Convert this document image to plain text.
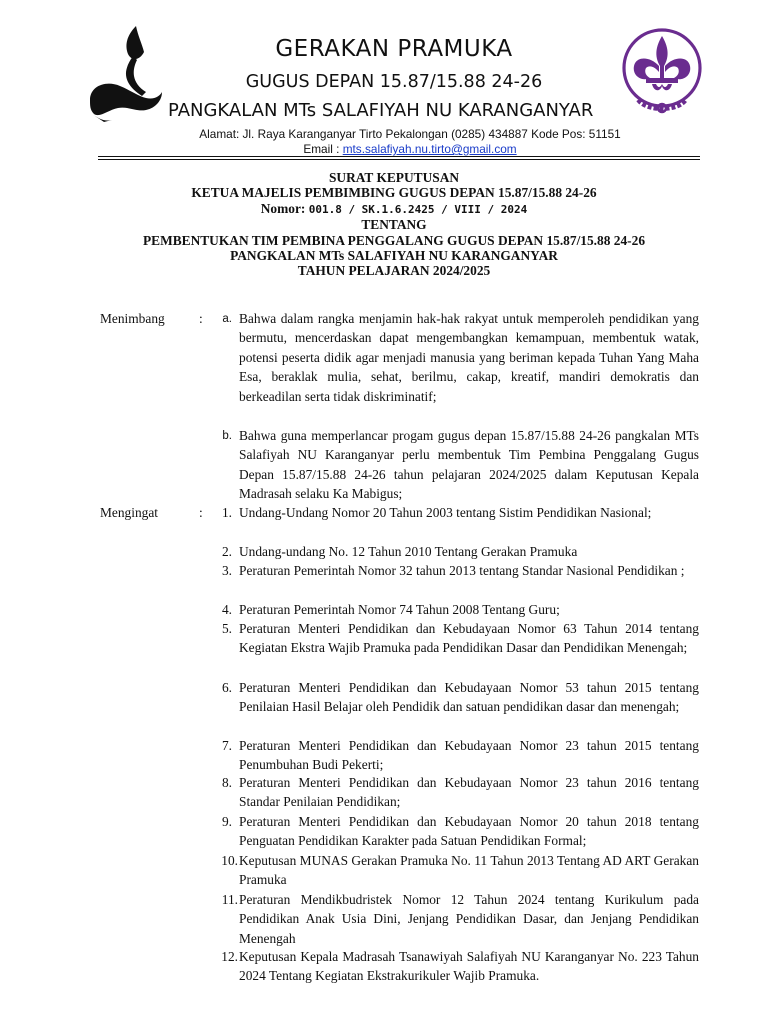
GERAKAN PRAMUKA
GUGUS DEPAN 15.87/15.88 24-26
PANGKALAN MTs SALAFIYAH NU KARANGANYAR
Alamat: Jl. Raya Karanganyar Tirto Pekalongan (0285) 434887 Kode Pos: 51151
Email : mts.salafiyah.nu.tirto@gmail.com
SURAT KEPUTUSAN
KETUA MAJELIS PEMBIMBING GUGUS DEPAN 15.87/15.88 24-26
Nomor: 001.8 / SK.1.6.2425 / VIII / 2024
TENTANG
PEMBENTUKAN TIM PEMBINA PENGGALANG GUGUS DEPAN 15.87/15.88 24-26
PANGKALAN MTs SALAFIYAH NU KARANGANYAR
TAHUN PELAJARAN 2024/2025
Menimbang	:	a. Bahwa dalam rangka menjamin hak-hak rakyat untuk memperoleh pendidikan yang bermutu, mencerdaskan dapat mengembangkan kemampuan, membentuk watak, potensi peserta didik agar menjadi manusia yang beriman kepada Tuhan Yang Maha Esa, beraklak mulia, sehat, berilmu, cakap, kreatif, mandiri demokratis dan berkeadilan serta tidak diskriminatif;
b. Bahwa guna memperlancar progam gugus depan 15.87/15.88 24-26 pangkalan MTs Salafiyah NU Karanganyar perlu membentuk Tim Pembina Penggalang Gugus Depan 15.87/15.88 24-26 tahun pelajaran 2024/2025 dalam Keputusan Kepala Madrasah selaku Ka Mabigus;
Mengingat	:	1. Undang-Undang Nomor 20 Tahun 2003 tentang Sistim Pendidikan Nasional;
2. Undang-undang No. 12 Tahun 2010 Tentang Gerakan Pramuka
3. Peraturan Pemerintah Nomor 32 tahun 2013 tentang Standar Nasional Pendidikan ;
4. Peraturan Pemerintah Nomor 74 Tahun 2008 Tentang Guru;
5. Peraturan Menteri Pendidikan dan Kebudayaan Nomor 63 Tahun 2014 tentang Kegiatan Ekstra Wajib Pramuka pada Pendidikan Dasar dan Pendidikan Menengah;
6. Peraturan Menteri Pendidikan dan Kebudayaan Nomor 53 tahun 2015 tentang Penilaian Hasil Belajar oleh Pendidik dan satuan pendidikan dasar dan menengah;
7. Peraturan Menteri Pendidikan dan Kebudayaan Nomor 23 tahun 2015 tentang Penumbuhan Budi Pekerti;
8. Peraturan Menteri Pendidikan dan Kebudayaan Nomor 23 tahun 2016 tentang Standar Penilaian Pendidikan;
9. Peraturan Menteri Pendidikan dan Kebudayaan Nomor 20 tahun 2018 tentang Penguatan Pendidikan Karakter pada Satuan Pendidikan Formal;
10. Keputusan MUNAS Gerakan Pramuka No. 11 Tahun 2013 Tentang AD ART Gerakan Pramuka
11. Peraturan Mendikbudristek Nomor 12 Tahun 2024 tentang Kurikulum pada Pendidikan Anak Usia Dini, Jenjang Pendidikan Dasar, dan Jenjang Pendidikan Menengah
12. Keputusan Kepala Madrasah Tsanawiyah Salafiyah NU Karanganyar No. 223 Tahun 2024 Tentang Kegiatan Ekstrakurikuler Wajib Pramuka.
